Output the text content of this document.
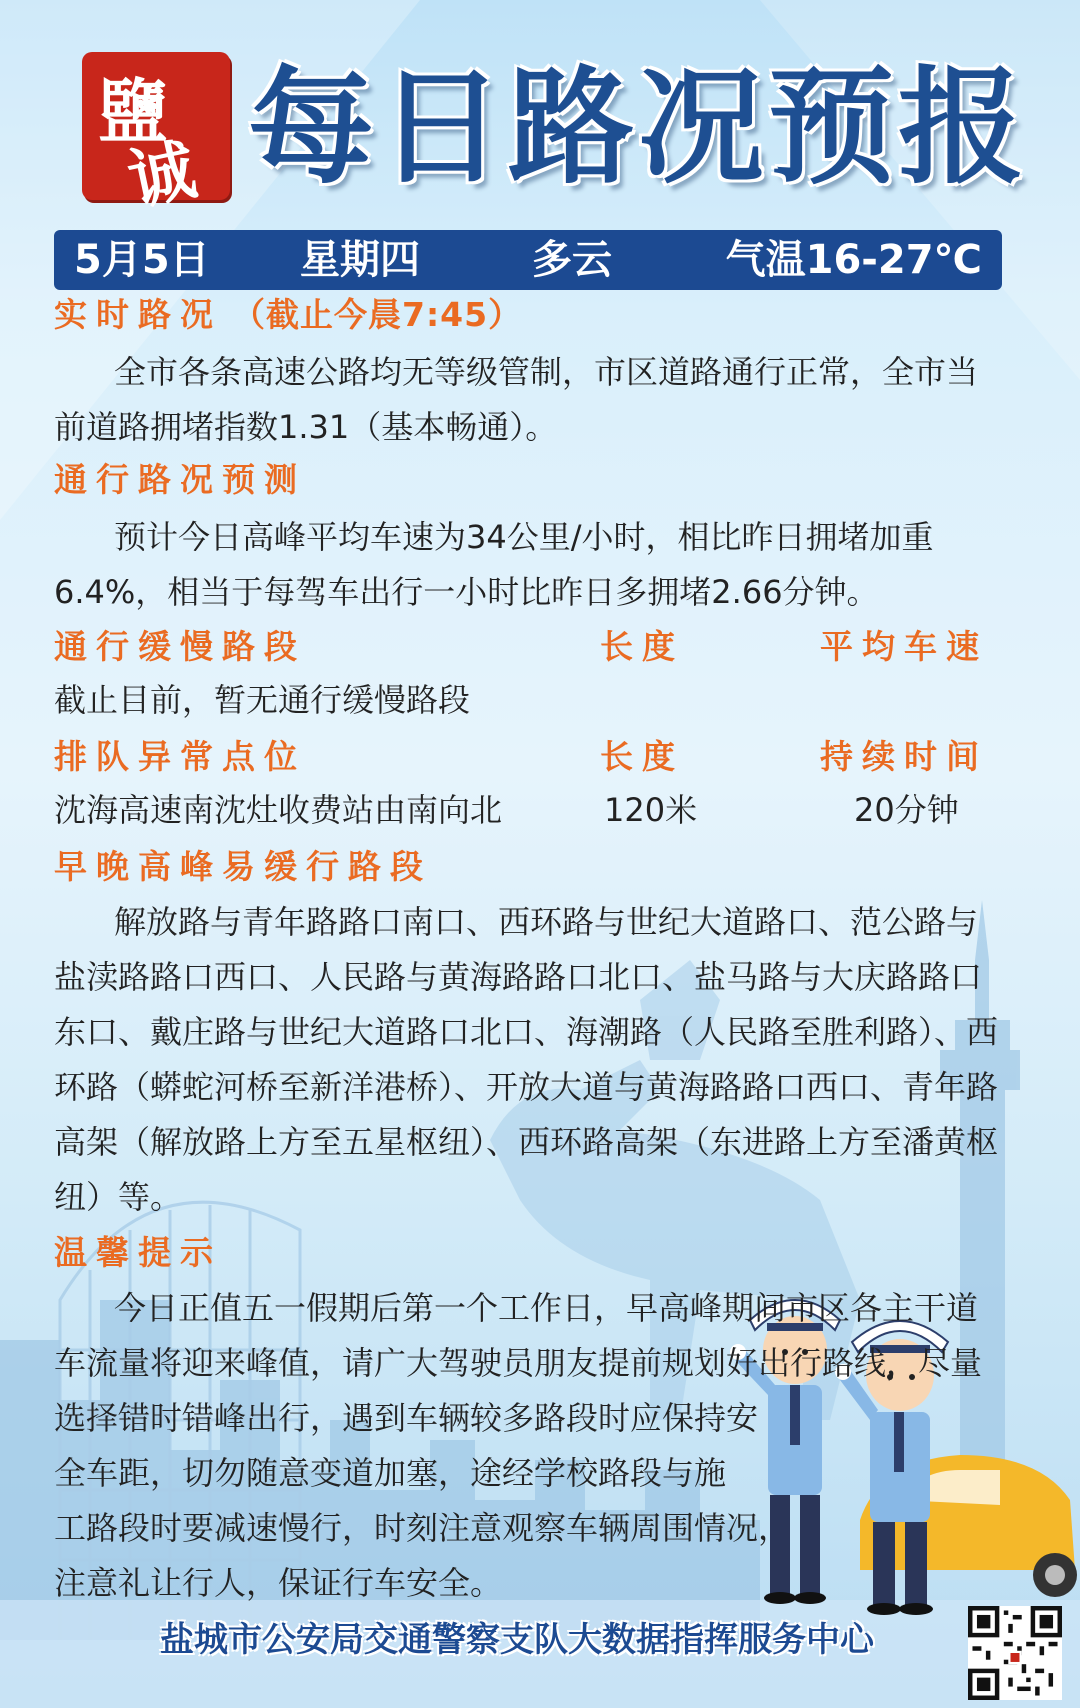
鹽
诚 每日路况预报
5月5日 星期四	多云	气温16-27℃
实时路况 （截止今晨7:45）

全市各条高速公路均无等级管制，市区道路通行正常，全市当前道路拥堵指数1.31（基本畅通）。

通行路况预测

预计今日高峰平均车速为34公里/小时，相比昨日拥堵加重6.4%，相当于每驾车出行一小时比昨日多拥堵2.66分钟。

通行缓慢路段	长度	平均车速
截止目前，暂无通行缓慢路段
排队异常点位	长度	持续时间
沈海高速南沈灶收费站由南向北	120米	20分钟
早晚高峰易缓行路段

解放路与青年路路口南口、西环路与世纪大道路口、范公路与盐渎路路口西口、人民路与黄海路路口北口、盐马路与大庆路路口东口、戴庄路与世纪大道路口北口、海潮路（人民路至胜利路）、西环路（蟒蛇河桥至新洋港桥）、开放大道与黄海路路口西口、青年路高架（解放路上方至五星枢纽）、西环路高架（东进路上方至潘黄枢纽）等。

温馨提示
今日正值五一假期后第一个工作日，早高峰期间市区各主干道
车流量将迎来峰值，请广大驾驶员朋友提前规划好出行路线，尽量
选择错时错峰出行，遇到车辆较多路段时应保持安
全车距，切勿随意变道加塞，途经学校路段与施
工路段时要减速慢行，时刻注意观察车辆周围情况，
注意礼让行人，保证行车安全。
盐城市公安局交通警察支队大数据指挥服务中心
